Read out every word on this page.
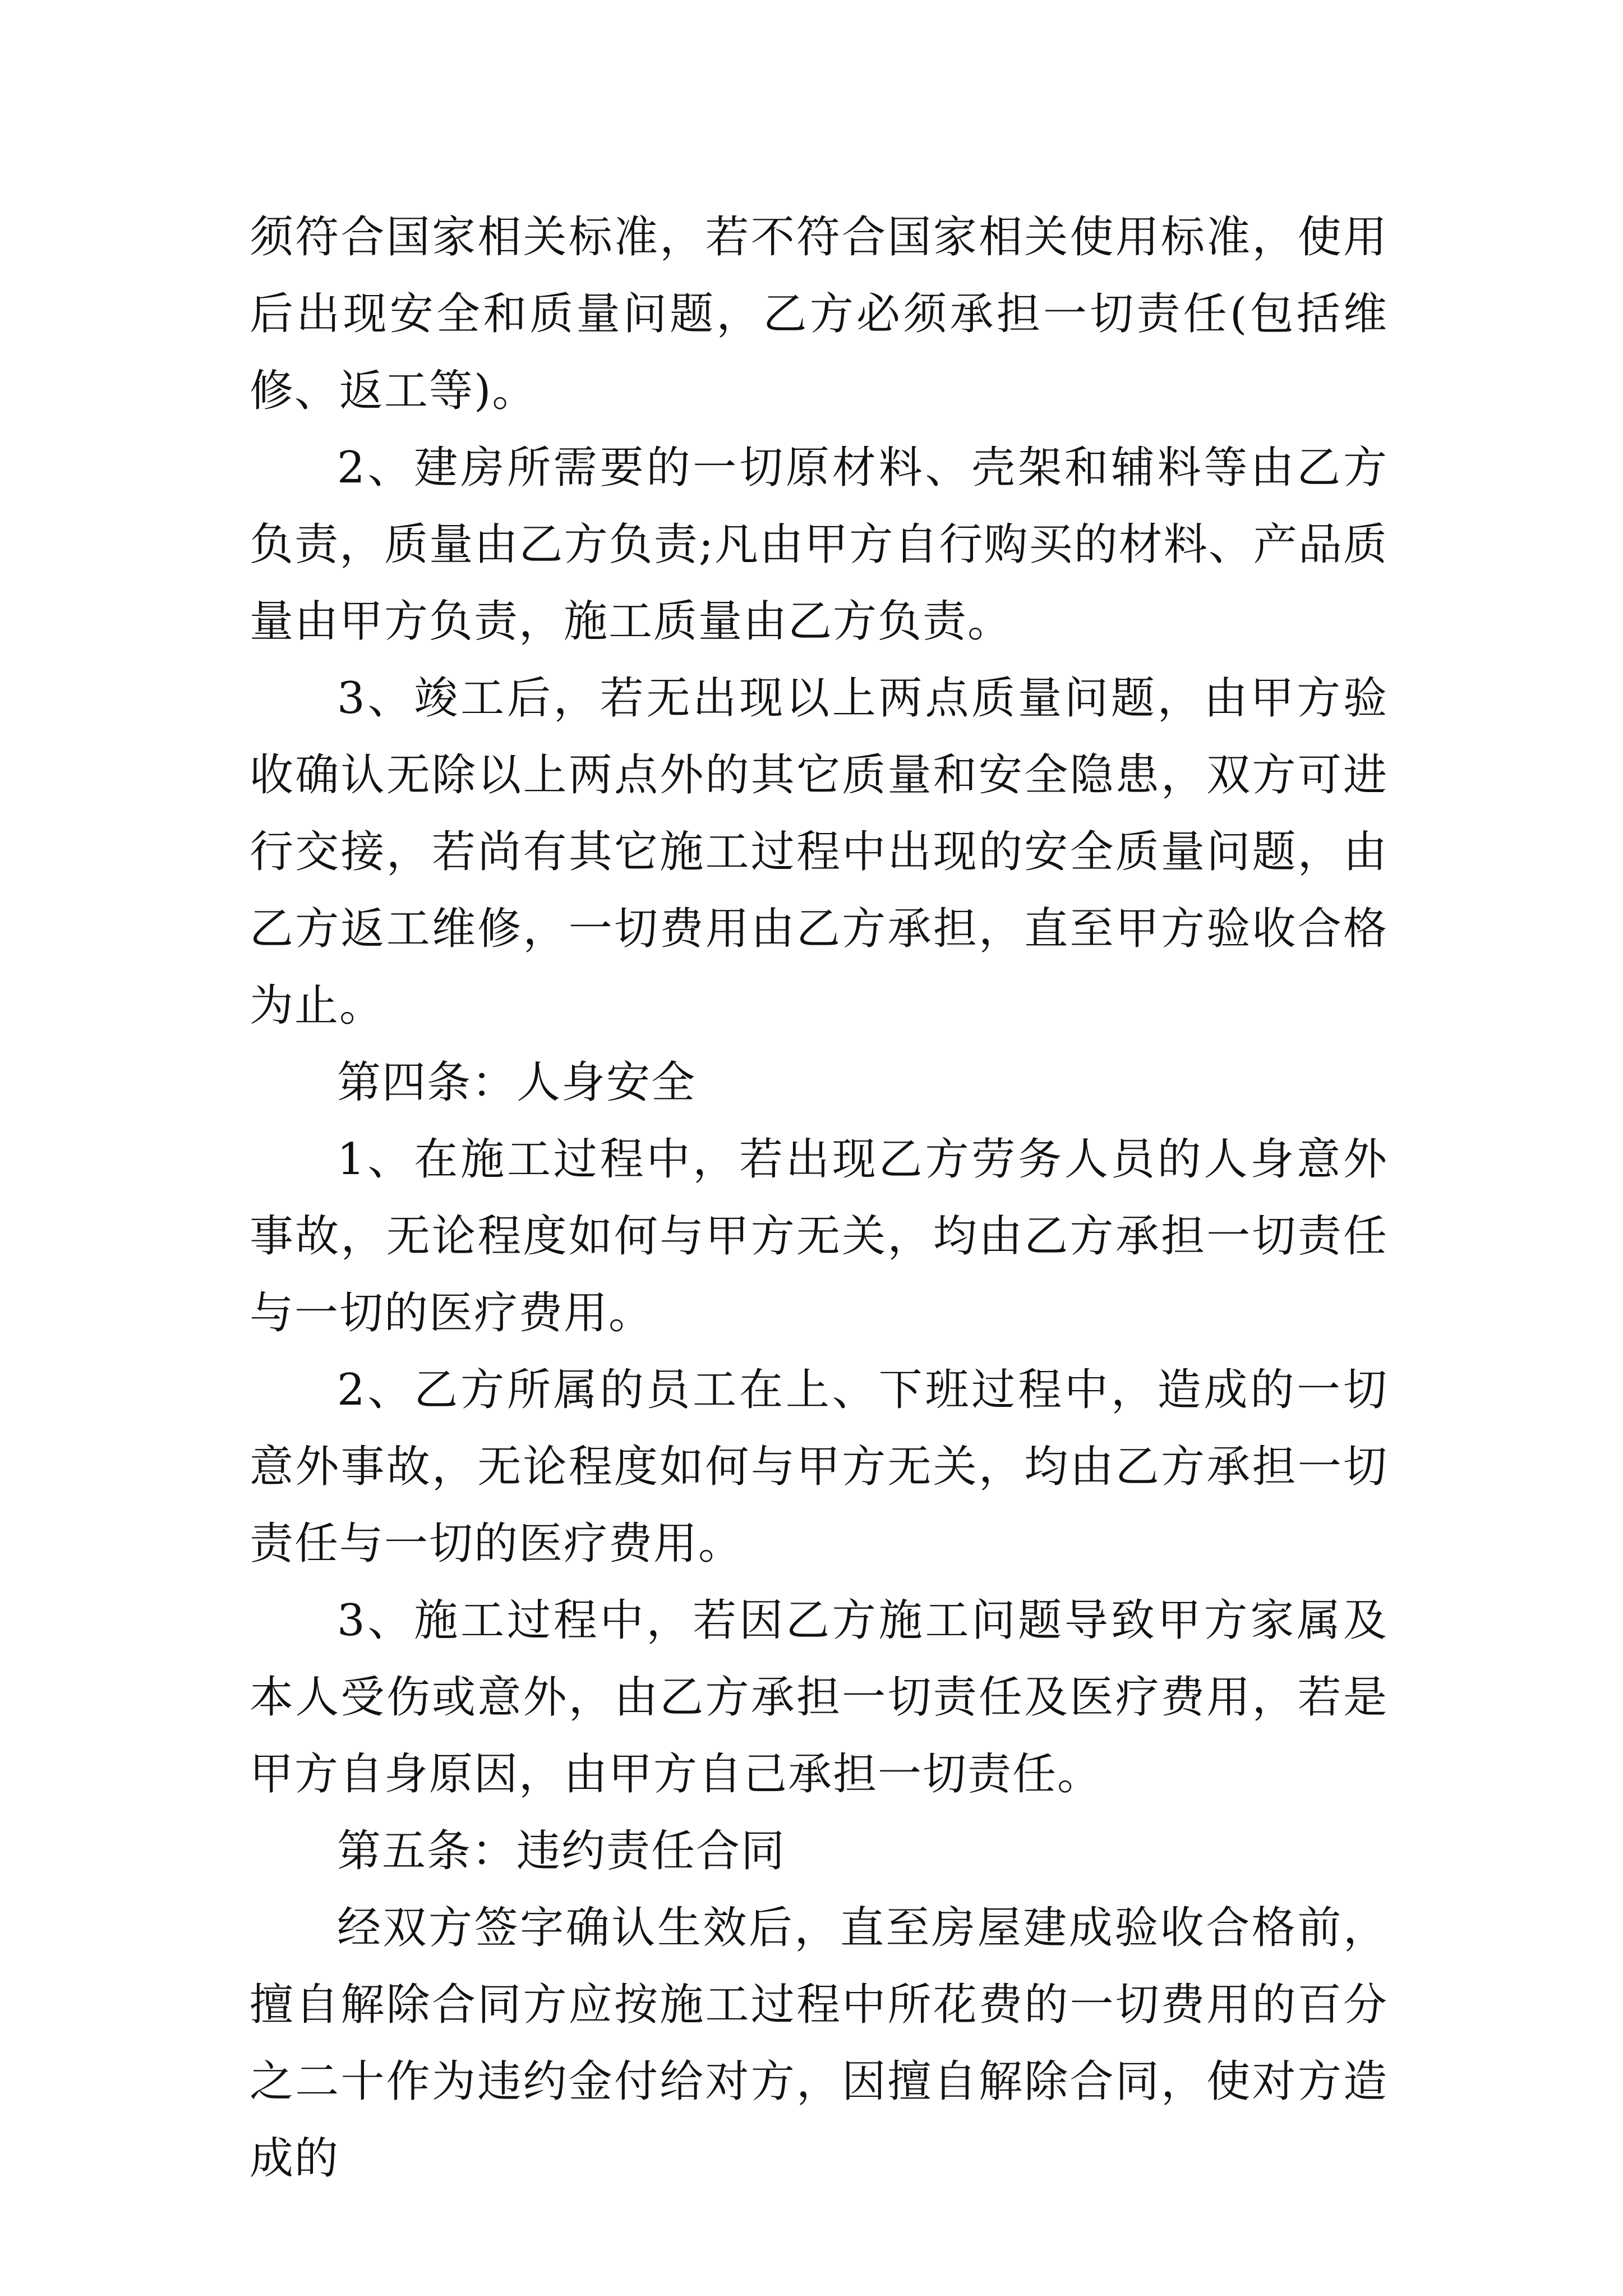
须符合国家相关标准，若不符合国家相关使用标准，使用后出现安全和质量问题，乙方必须承担一切责任(包括维修、返工等)。

2、建房所需要的一切原材料、壳架和辅料等由乙方负责，质量由乙方负责;凡由甲方自行购买的材料、产品质量由甲方负责，施工质量由乙方负责。

3、竣工后，若无出现以上两点质量问题，由甲方验收确认无除以上两点外的其它质量和安全隐患，双方可进行交接，若尚有其它施工过程中出现的安全质量问题，由乙方返工维修，一切费用由乙方承担，直至甲方验收合格为止。

第四条：人身安全

1、在施工过程中，若出现乙方劳务人员的人身意外事故，无论程度如何与甲方无关，均由乙方承担一切责任与一切的医疗费用。

2、乙方所属的员工在上、下班过程中，造成的一切意外事故，无论程度如何与甲方无关，均由乙方承担一切责任与一切的医疗费用。

3、施工过程中，若因乙方施工问题导致甲方家属及本人受伤或意外，由乙方承担一切责任及医疗费用，若是甲方自身原因，由甲方自己承担一切责任。

第五条：违约责任合同

经双方签字确认生效后，直至房屋建成验收合格前，擅自解除合同方应按施工过程中所花费的一切费用的百分之二十作为违约金付给对方，因擅自解除合同，使对方造成的
